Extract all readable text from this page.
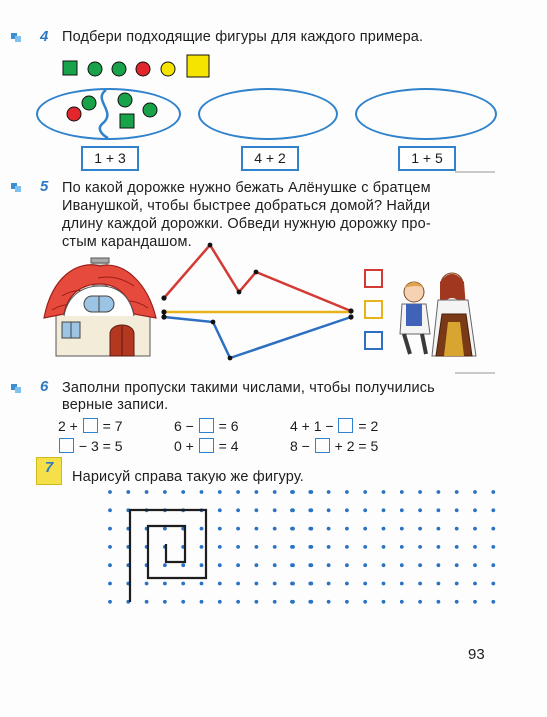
4 Подбери подходящие фигуры для каждого примера.
1 + 3	4 + 2	1 + 5
5 По какой дорожке нужно бежать Алёнушке с братцем
Иванушкой, чтобы быстрее добраться домой? Найди
длину каждой дорожки. Обведи нужную дорожку про-
стым карандашом.
6 Заполни пропуски такими числами, чтобы получились
верные записи.
2 +  = 7
− 3 = 5
6 −  = 6
0 +  = 4
4 + 1 −  = 2
8 −  + 2 = 5
7
Нарисуй справа такую же фигуру.
93
